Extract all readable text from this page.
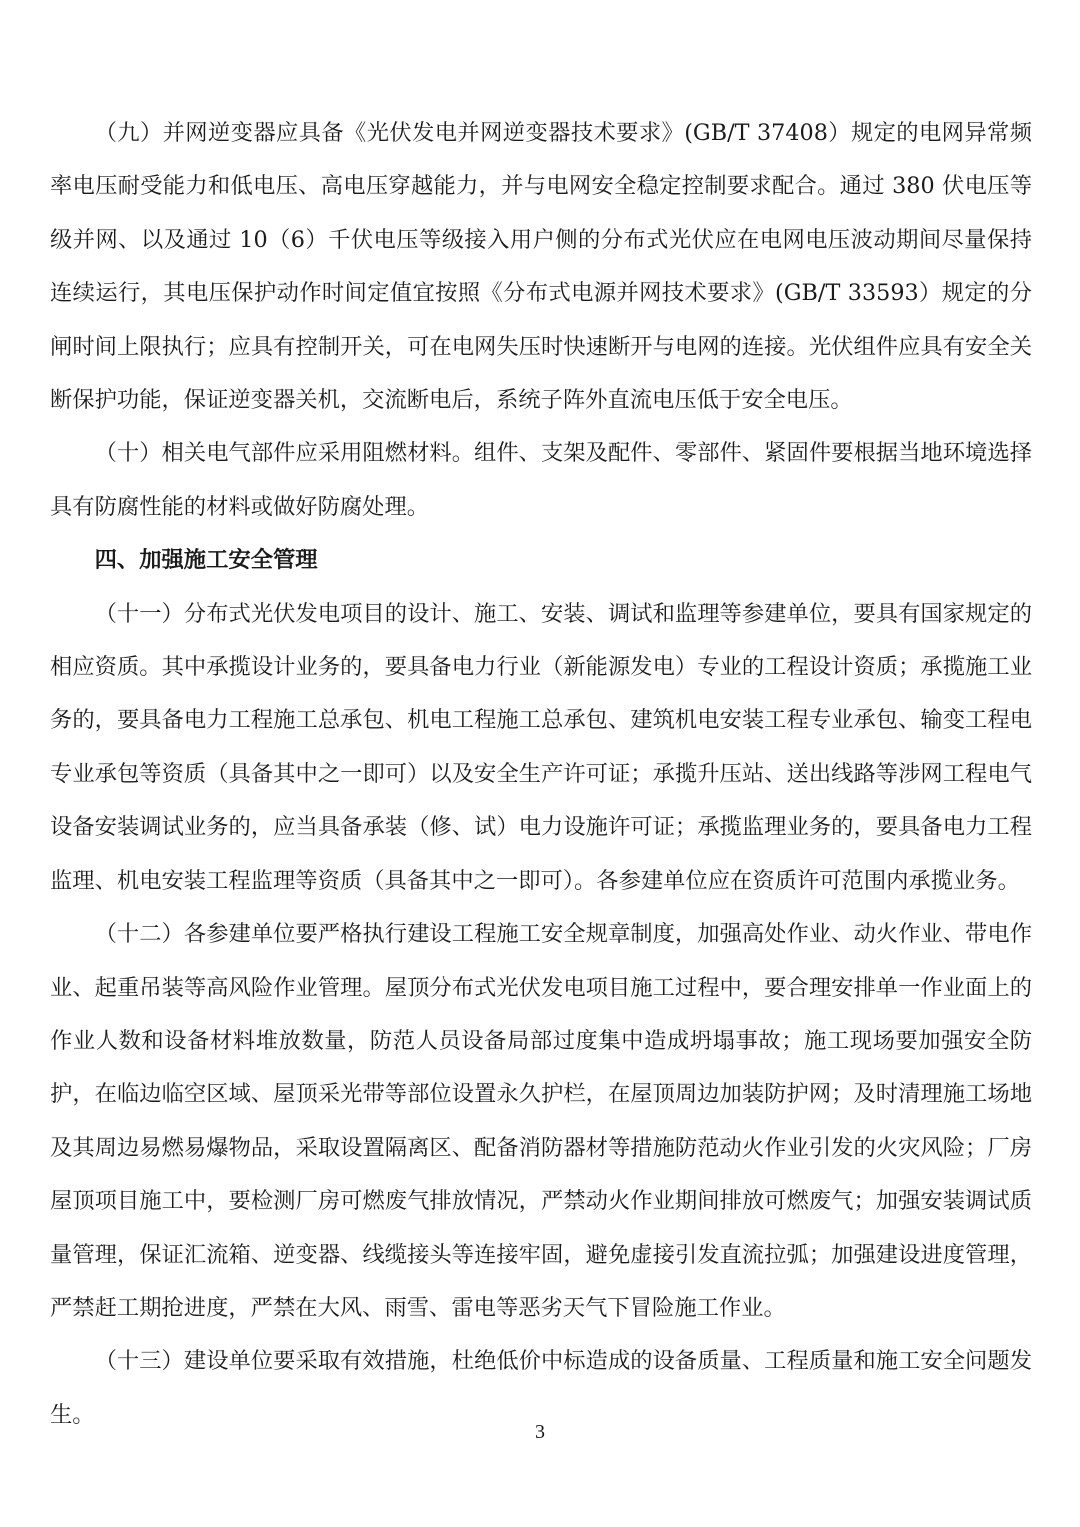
（九）并网逆变器应具备《光伏发电并网逆变器技术要求》(GB/T 37408）规定的电网异常频率电压耐受能力和低电压、高电压穿越能力，并与电网安全稳定控制要求配合。通过 380 伏电压等级并网、以及通过 10（6）千伏电压等级接入用户侧的分布式光伏应在电网电压波动期间尽量保持连续运行，其电压保护动作时间定值宜按照《分布式电源并网技术要求》(GB/T 33593）规定的分闸时间上限执行；应具有控制开关，可在电网失压时快速断开与电网的连接。光伏组件应具有安全关断保护功能，保证逆变器关机，交流断电后，系统子阵外直流电压低于安全电压。

（十）相关电气部件应采用阻燃材料。组件、支架及配件、零部件、紧固件要根据当地环境选择具有防腐性能的材料或做好防腐处理。

四、加强施工安全管理

（十一）分布式光伏发电项目的设计、施工、安装、调试和监理等参建单位，要具有国家规定的相应资质。其中承揽设计业务的，要具备电力行业（新能源发电）专业的工程设计资质；承揽施工业务的，要具备电力工程施工总承包、机电工程施工总承包、建筑机电安装工程专业承包、输变工程电专业承包等资质（具备其中之一即可）以及安全生产许可证；承揽升压站、送出线路等涉网工程电气设备安装调试业务的，应当具备承装（修、试）电力设施许可证；承揽监理业务的，要具备电力工程监理、机电安装工程监理等资质（具备其中之一即可）。各参建单位应在资质许可范围内承揽业务。

（十二）各参建单位要严格执行建设工程施工安全规章制度，加强高处作业、动火作业、带电作业、起重吊装等高风险作业管理。屋顶分布式光伏发电项目施工过程中，要合理安排单一作业面上的作业人数和设备材料堆放数量，防范人员设备局部过度集中造成坍塌事故；施工现场要加强安全防护，在临边临空区域、屋顶采光带等部位设置永久护栏，在屋顶周边加装防护网；及时清理施工场地及其周边易燃易爆物品，采取设置隔离区、配备消防器材等措施防范动火作业引发的火灾风险；厂房屋顶项目施工中，要检测厂房可燃废气排放情况，严禁动火作业期间排放可燃废气；加强安装调试质量管理，保证汇流箱、逆变器、线缆接头等连接牢固，避免虚接引发直流拉弧；加强建设进度管理，严禁赶工期抢进度，严禁在大风、雨雪、雷电等恶劣天气下冒险施工作业。

（十三）建设单位要采取有效措施，杜绝低价中标造成的设备质量、工程质量和施工安全问题发生。

3
